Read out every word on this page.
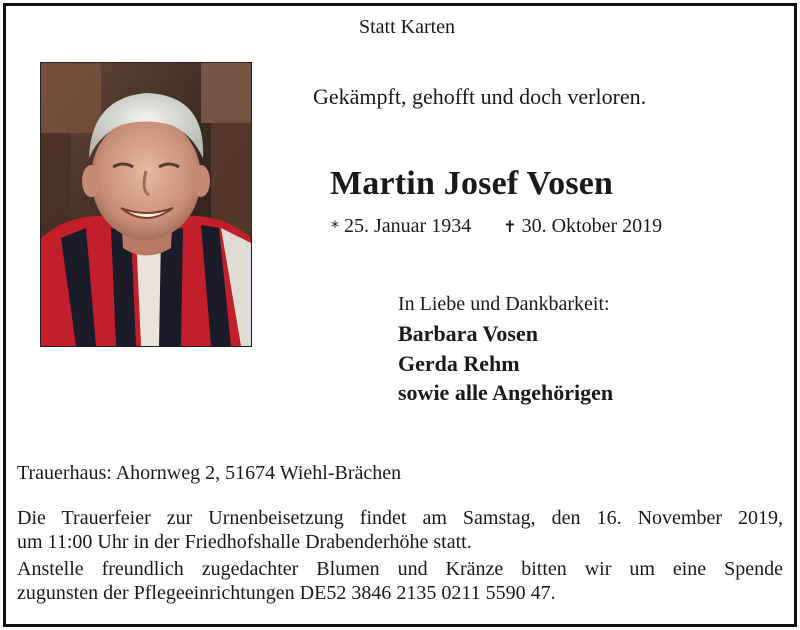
Statt Karten
Gekämpft, gehofft und doch verloren.
Martin Josef Vosen
* 25. Januar 1934 ✝ 30. Oktober 2019
In Liebe und Dankbarkeit:
Barbara Vosen
Gerda Rehm
sowie alle Angehörigen
Trauerhaus: Ahornweg 2, 51674 Wiehl-Brächen
Die Trauerfeier zur Urnenbeisetzung findet am Samstag, den 16. November 2019,
um 11:00 Uhr in der Friedhofshalle Drabenderhöhe statt.
Anstelle freundlich zugedachter Blumen und Kränze bitten wir um eine Spende
zugunsten der Pflegeeinrichtungen DE52 3846 2135 0211 5590 47.
